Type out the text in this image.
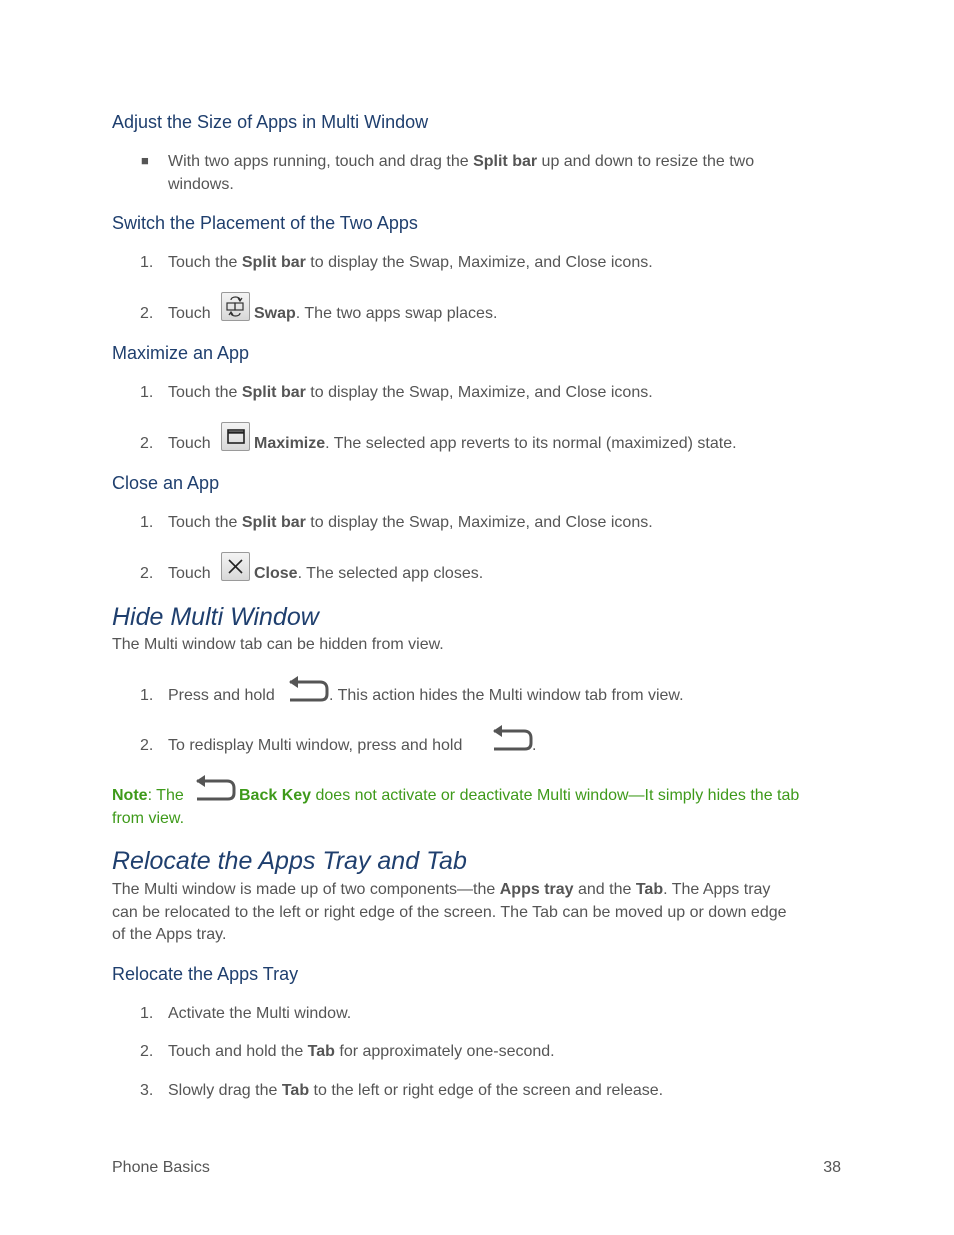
Adjust the Size of Apps in Multi Window
■ With two apps running, touch and drag the Split bar up and down to resize the two
windows.
Switch the Placement of the Two Apps
1. Touch the Split bar to display the Swap, Maximize, and Close icons.
2. Touch	Swap. The two apps swap places.
Maximize an App
1. Touch the Split bar to display the Swap, Maximize, and Close icons.
2. Touch	Maximize. The selected app reverts to its normal (maximized) state.
Close an App
1. Touch the Split bar to display the Swap, Maximize, and Close icons.
2. Touch	Close. The selected app closes.
Hide Multi Window
The Multi window tab can be hidden from view.
1. Press and hold	. This action hides the Multi window tab from view.
2. To redisplay Multi window, press and hold	.
Note: The	Back Key does not activate or deactivate Multi window—It simply hides the tab
from view.
Relocate the Apps Tray and Tab
The Multi window is made up of two components—the Apps tray and the Tab. The Apps tray
can be relocated to the left or right edge of the screen. The Tab can be moved up or down edge
of the Apps tray.
Relocate the Apps Tray
1. Activate the Multi window.
2. Touch and hold the Tab for approximately one-second.
3. Slowly drag the Tab to the left or right edge of the screen and release.
Phone Basics	38
